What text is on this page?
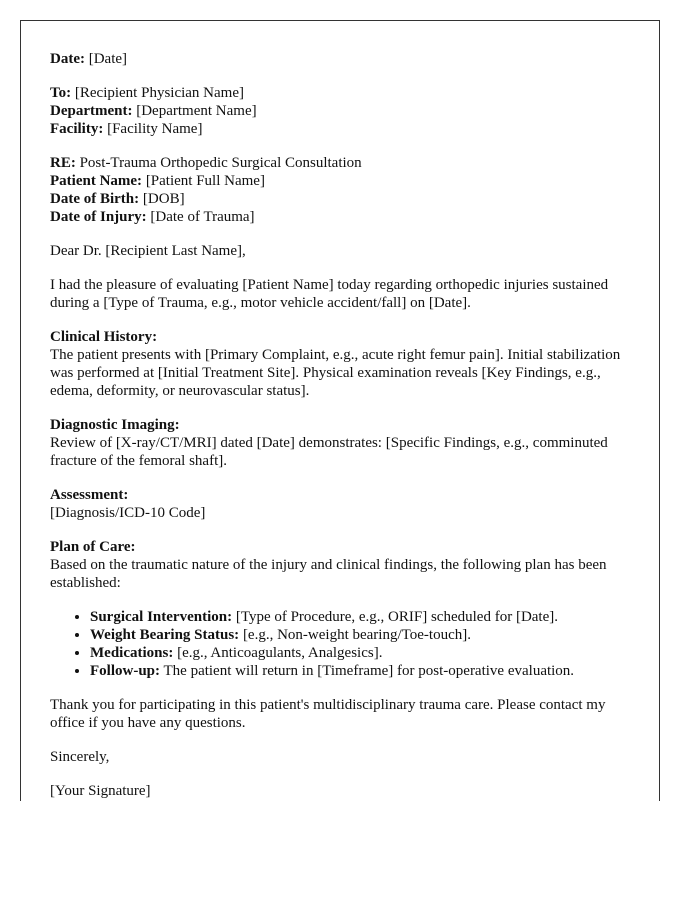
Date: [Date]

To: [Recipient Physician Name]
Department: [Department Name]
Facility: [Facility Name]
RE: Post-Trauma Orthopedic Surgical Consultation
Patient Name: [Patient Full Name]
Date of Birth: [DOB]
Date of Injury: [Date of Trauma]

Dear Dr. [Recipient Last Name],

I had the pleasure of evaluating [Patient Name] today regarding orthopedic injuries sustained during a [Type of Trauma, e.g., motor vehicle accident/fall] on [Date].

Clinical History:
The patient presents with [Primary Complaint, e.g., acute right femur pain]. Initial stabilization was performed at [Initial Treatment Site]. Physical examination reveals [Key Findings, e.g., edema, deformity, or neurovascular status].
Diagnostic Imaging:
Review of [X-ray/CT/MRI] dated [Date] demonstrates: [Specific Findings, e.g., comminuted fracture of the femoral shaft].
Assessment:
[Diagnosis/ICD-10 Code]
Plan of Care:
Based on the traumatic nature of the injury and clinical findings, the following plan has been established:
• Surgical Intervention: [Type of Procedure, e.g., ORIF] scheduled for [Date].
• Weight Bearing Status: [e.g., Non-weight bearing/Toe-touch].
• Medications: [e.g., Anticoagulants, Analgesics].
• Follow-up: The patient will return in [Timeframe] for post-operative evaluation.

Thank you for participating in this patient's multidisciplinary trauma care. Please contact my office if you have any questions.

Sincerely,

[Your Signature]
